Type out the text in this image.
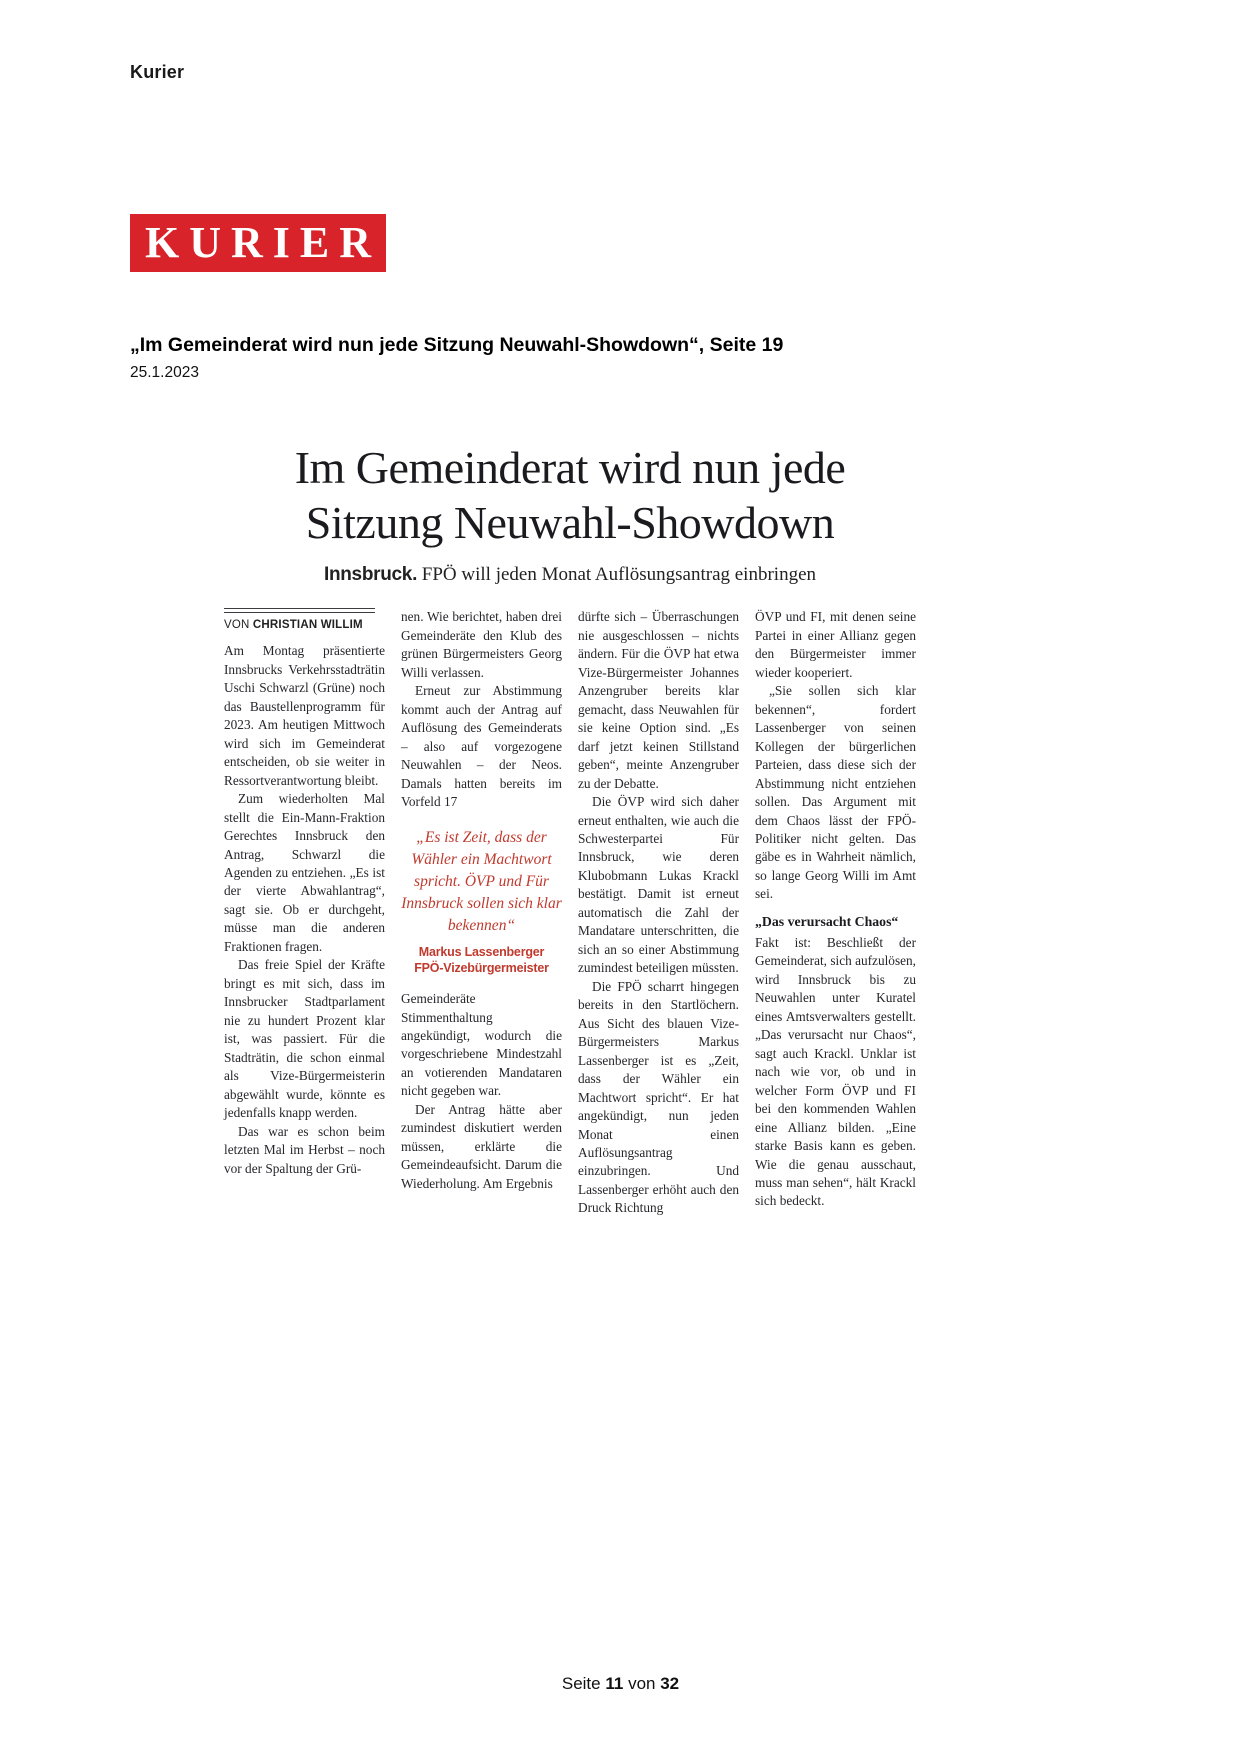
Kurier
KURIER
„Im Gemeinderat wird nun jede Sitzung Neuwahl-Showdown“, Seite 19
25.1.2023
Im Gemeinderat wird nun jede
Sitzung Neuwahl-Showdown
Innsbruck. FPÖ will jeden Monat Auflösungsantrag einbringen
VON CHRISTIAN WILLIM

Am Montag präsentierte Innsbrucks Verkehrsstadträtin Uschi Schwarzl (Grüne) noch das Baustellenprogramm für 2023. Am heutigen Mittwoch wird sich im Gemeinderat entscheiden, ob sie weiter in Ressortverantwortung bleibt.

Zum wiederholten Mal stellt die Ein-Mann-Fraktion Gerechtes Innsbruck den Antrag, Schwarzl die Agenden zu entziehen. „Es ist der vierte Abwahlantrag“, sagt sie. Ob er durchgeht, müsse man die anderen Fraktionen fragen.

Das freie Spiel der Kräfte bringt es mit sich, dass im Innsbrucker Stadtparlament nie zu hundert Prozent klar ist, was passiert. Für die Stadträtin, die schon einmal als Vize-Bürgermeisterin abgewählt wurde, könnte es jedenfalls knapp werden.

Das war es schon beim letzten Mal im Herbst – noch vor der Spaltung der Grü-

nen. Wie berichtet, haben drei Gemeinderäte den Klub des grünen Bürgermeisters Georg Willi verlassen.

Erneut zur Abstimmung kommt auch der Antrag auf Auflösung des Gemeinderats – also auf vorgezogene Neuwahlen – der Neos. Damals hatten bereits im Vorfeld 17

„Es ist Zeit, dass der Wähler ein Machtwort spricht. ÖVP und Für Innsbruck sollen sich klar bekennen“
Markus Lassenberger
FPÖ-Vizebürgermeister

Gemeinderäte Stimmenthaltung angekündigt, wodurch die vorgeschriebene Mindestzahl an votierenden Mandataren nicht gegeben war.

Der Antrag hätte aber zumindest diskutiert werden müssen, erklärte die Gemeindeaufsicht. Darum die Wiederholung. Am Ergebnis

dürfte sich – Überraschungen nie ausgeschlossen – nichts ändern. Für die ÖVP hat etwa Vize-Bürgermeister Johannes Anzengruber bereits klar gemacht, dass Neuwahlen für sie keine Option sind. „Es darf jetzt keinen Stillstand geben“, meinte Anzengruber zu der Debatte.

Die ÖVP wird sich daher erneut enthalten, wie auch die Schwesterpartei Für Innsbruck, wie deren Klubobmann Lukas Krackl bestätigt. Damit ist erneut automatisch die Zahl der Mandatare unterschritten, die sich an so einer Abstimmung zumindest beteiligen müssten.

Die FPÖ scharrt hingegen bereits in den Startlöchern. Aus Sicht des blauen Vize-Bürgermeisters Markus Lassenberger ist es „Zeit, dass der Wähler ein Machtwort spricht“. Er hat angekündigt, nun jeden Monat einen Auflösungsantrag einzubringen. Und Lassenberger erhöht auch den Druck Richtung

ÖVP und FI, mit denen seine Partei in einer Allianz gegen den Bürgermeister immer wieder kooperiert.

„Sie sollen sich klar bekennen“, fordert Lassenberger von seinen Kollegen der bürgerlichen Parteien, dass diese sich der Abstimmung nicht entziehen sollen. Das Argument mit dem Chaos lässt der FPÖ-Politiker nicht gelten. Das gäbe es in Wahrheit nämlich, so lange Georg Willi im Amt sei.

„Das verursacht Chaos“

Fakt ist: Beschließt der Gemeinderat, sich aufzulösen, wird Innsbruck bis zu Neuwahlen unter Kuratel eines Amtsverwalters gestellt. „Das verursacht nur Chaos“, sagt auch Krackl. Unklar ist nach wie vor, ob und in welcher Form ÖVP und FI bei den kommenden Wahlen eine Allianz bilden. „Eine starke Basis kann es geben. Wie die genau ausschaut, muss man sehen“, hält Krackl sich bedeckt.

Seite 11 von 32
